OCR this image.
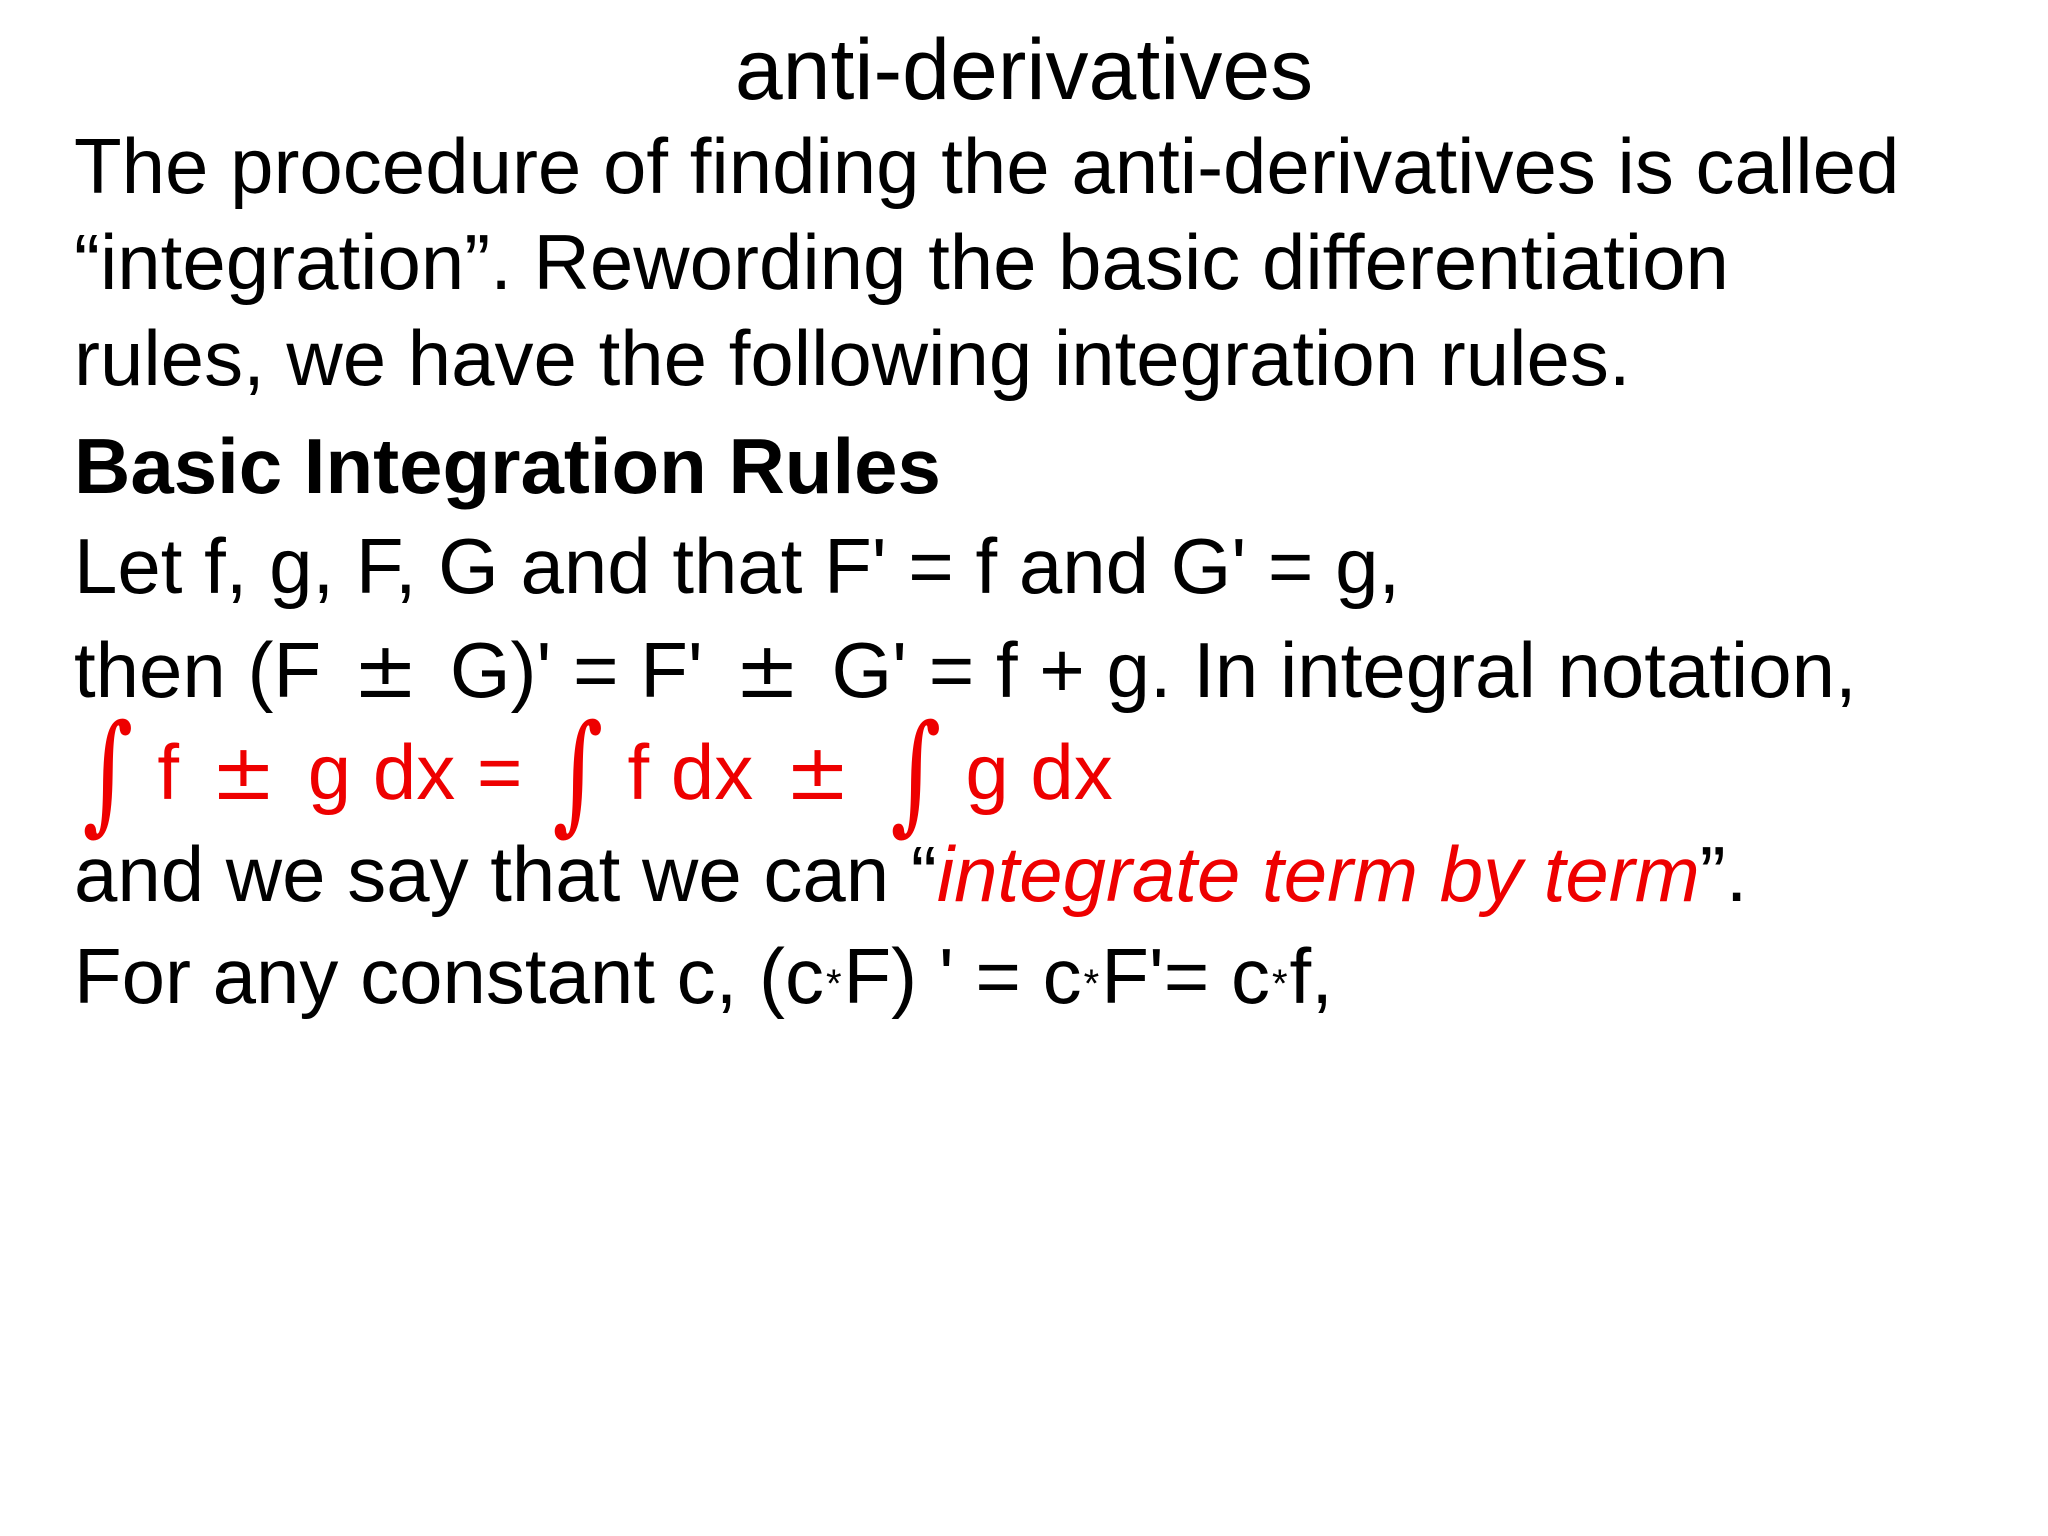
anti-derivatives
The procedure of finding the anti-derivatives is called
“integration”. Rewording the basic differentiation
rules, we have the following integration rules.
Basic Integration Rules
Let f, g, F, G and that F' = f and G' = g,
then (F ± G)' = F' ± G' = f + g. In integral notation,
∫ f ± g dx = ∫ f dx ± ∫ g dx
and we say that we can “integrate term by term”.
For any constant c, (c*F) ' = c*F'= c*f,
